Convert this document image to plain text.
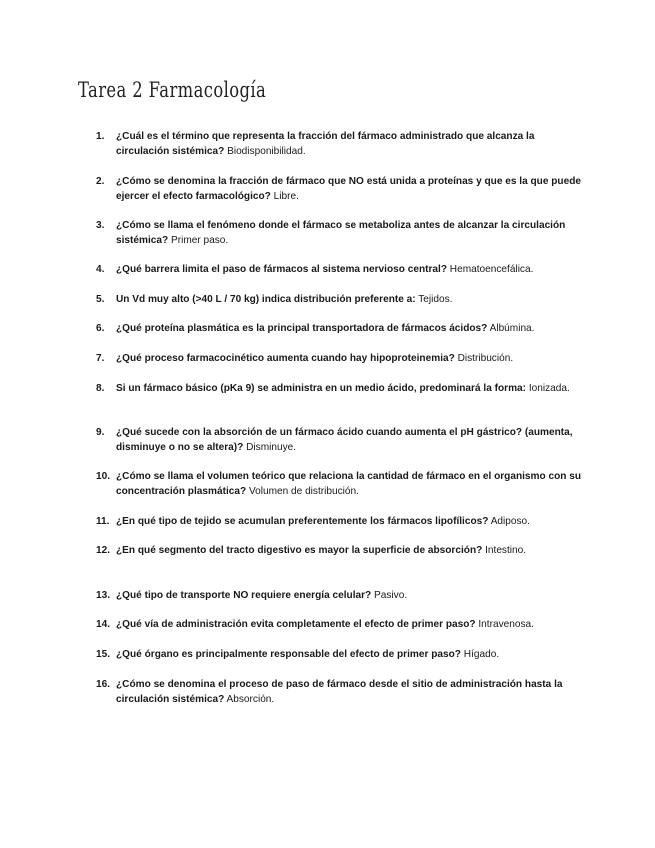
Tarea 2 Farmacología
1. ¿Cuál es el término que representa la fracción del fármaco administrado que alcanza la circulación sistémica? Biodisponibilidad.
2. ¿Cómo se denomina la fracción de fármaco que NO está unida a proteínas y que es la que puede ejercer el efecto farmacológico? Libre.
3. ¿Cómo se llama el fenómeno donde el fármaco se metaboliza antes de alcanzar la circulación sistémica? Primer paso.
4. ¿Qué barrera limita el paso de fármacos al sistema nervioso central? Hematoencefálica.
5. Un Vd muy alto (>40 L / 70 kg) indica distribución preferente a: Tejidos.
6. ¿Qué proteína plasmática es la principal transportadora de fármacos ácidos? Albúmina.
7. ¿Qué proceso farmacocinético aumenta cuando hay hipoproteinemia? Distribución.
8. Si un fármaco básico (pKa 9) se administra en un medio ácido, predominará la forma: Ionizada.
9. ¿Qué sucede con la absorción de un fármaco ácido cuando aumenta el pH gástrico? (aumenta, disminuye o no se altera)? Disminuye.
10. ¿Cómo se llama el volumen teórico que relaciona la cantidad de fármaco en el organismo con su concentración plasmática? Volumen de distribución.
11. ¿En qué tipo de tejido se acumulan preferentemente los fármacos lipofílicos? Adiposo.
12. ¿En qué segmento del tracto digestivo es mayor la superficie de absorción? Intestino.
13. ¿Qué tipo de transporte NO requiere energía celular? Pasivo.
14. ¿Qué vía de administración evita completamente el efecto de primer paso? Intravenosa.
15. ¿Qué órgano es principalmente responsable del efecto de primer paso? Hígado.
16. ¿Cómo se denomina el proceso de paso de fármaco desde el sitio de administración hasta la circulación sistémica? Absorción.
